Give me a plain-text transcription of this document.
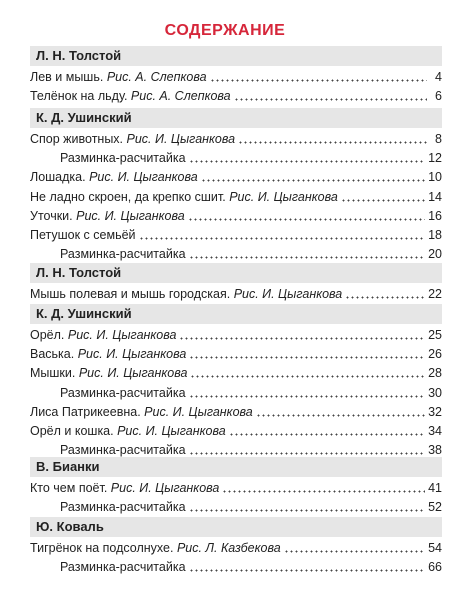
СОДЕРЖАНИЕ
Л. Н. Толстой
Лев и мышь. Рис. А. Слепкова	4
Телёнок на льду. Рис. А. Слепкова	6
К. Д. Ушинский
Спор животных. Рис. И. Цыганкова	8
Разминка-расчитайка	12
Лошадка. Рис. И. Цыганкова	10
Не ладно скроен, да крепко сшит. Рис. И. Цыганкова	14
Уточки. Рис. И. Цыганкова	16
Петушок с семьёй	18
Разминка-расчитайка	20
Л. Н. Толстой
Мышь полевая и мышь городская. Рис. И. Цыганкова	22
К. Д. Ушинский
Орёл. Рис. И. Цыганкова	25
Васька. Рис. И. Цыганкова	26
Мышки. Рис. И. Цыганкова	28
Разминка-расчитайка	30
Лиса Патрикеевна. Рис. И. Цыганкова	32
Орёл и кошка. Рис. И. Цыганкова	34
Разминка-расчитайка	38
В. Бианки
Кто чем поёт. Рис. И. Цыганкова	41
Разминка-расчитайка	52
Ю. Коваль
Тигрёнок на подсолнухе. Рис. Л. Казбекова	54
Разминка-расчитайка	66
